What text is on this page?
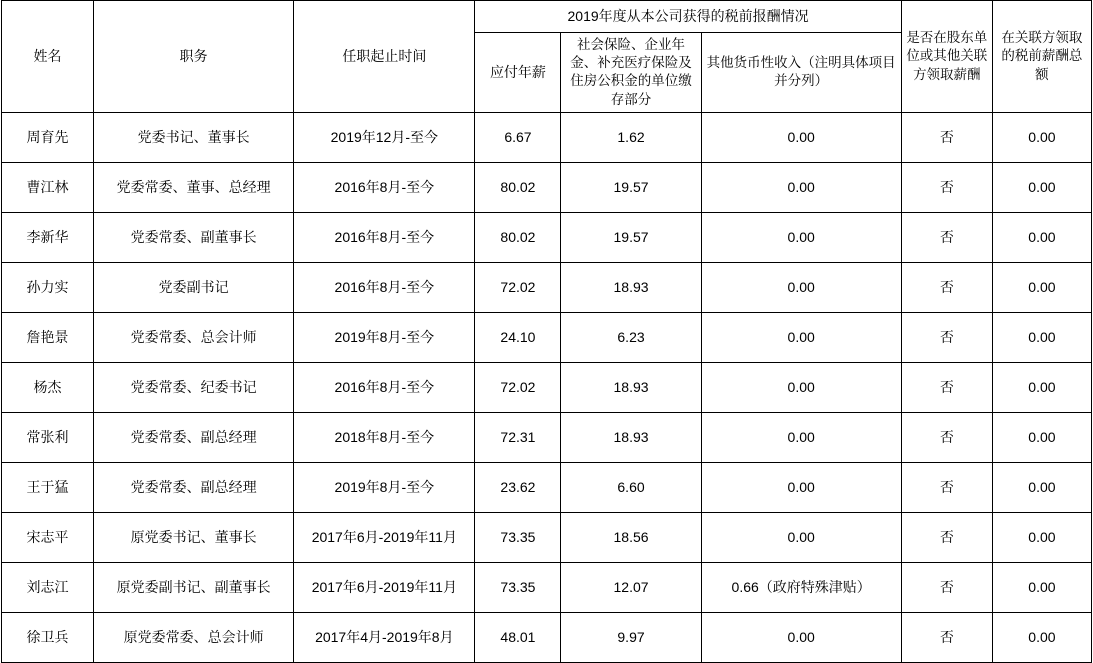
姓名	职务	任职起止时间	2019年度从本公司获得的税前报酬情况			是否在股东单位或其他关联方领取薪酬	在关联方领取的税前薪酬总额
			应付年薪	社会保险、企业年金、补充医疗保险及住房公积金的单位缴存部分	其他货币性收入（注明具体项目并分列）		
周育先	党委书记、董事长	2019年12月-至今	6.67	1.62	0.00	否	0.00
曹江林	党委常委、董事、总经理	2016年8月-至今	80.02	19.57	0.00	否	0.00
李新华	党委常委、副董事长	2016年8月-至今	80.02	19.57	0.00	否	0.00
孙力实	党委副书记	2016年8月-至今	72.02	18.93	0.00	否	0.00
詹艳景	党委常委、总会计师	2019年8月-至今	24.10	6.23	0.00	否	0.00
杨杰	党委常委、纪委书记	2016年8月-至今	72.02	18.93	0.00	否	0.00
常张利	党委常委、副总经理	2018年8月-至今	72.31	18.93	0.00	否	0.00
王于猛	党委常委、副总经理	2019年8月-至今	23.62	6.60	0.00	否	0.00
宋志平	原党委书记、董事长	2017年6月-2019年11月	73.35	18.56	0.00	否	0.00
刘志江	原党委副书记、副董事长	2017年6月-2019年11月	73.35	12.07	0.66（政府特殊津贴）	否	0.00
徐卫兵	原党委常委、总会计师	2017年4月-2019年8月	48.01	9.97	0.00	否	0.00
